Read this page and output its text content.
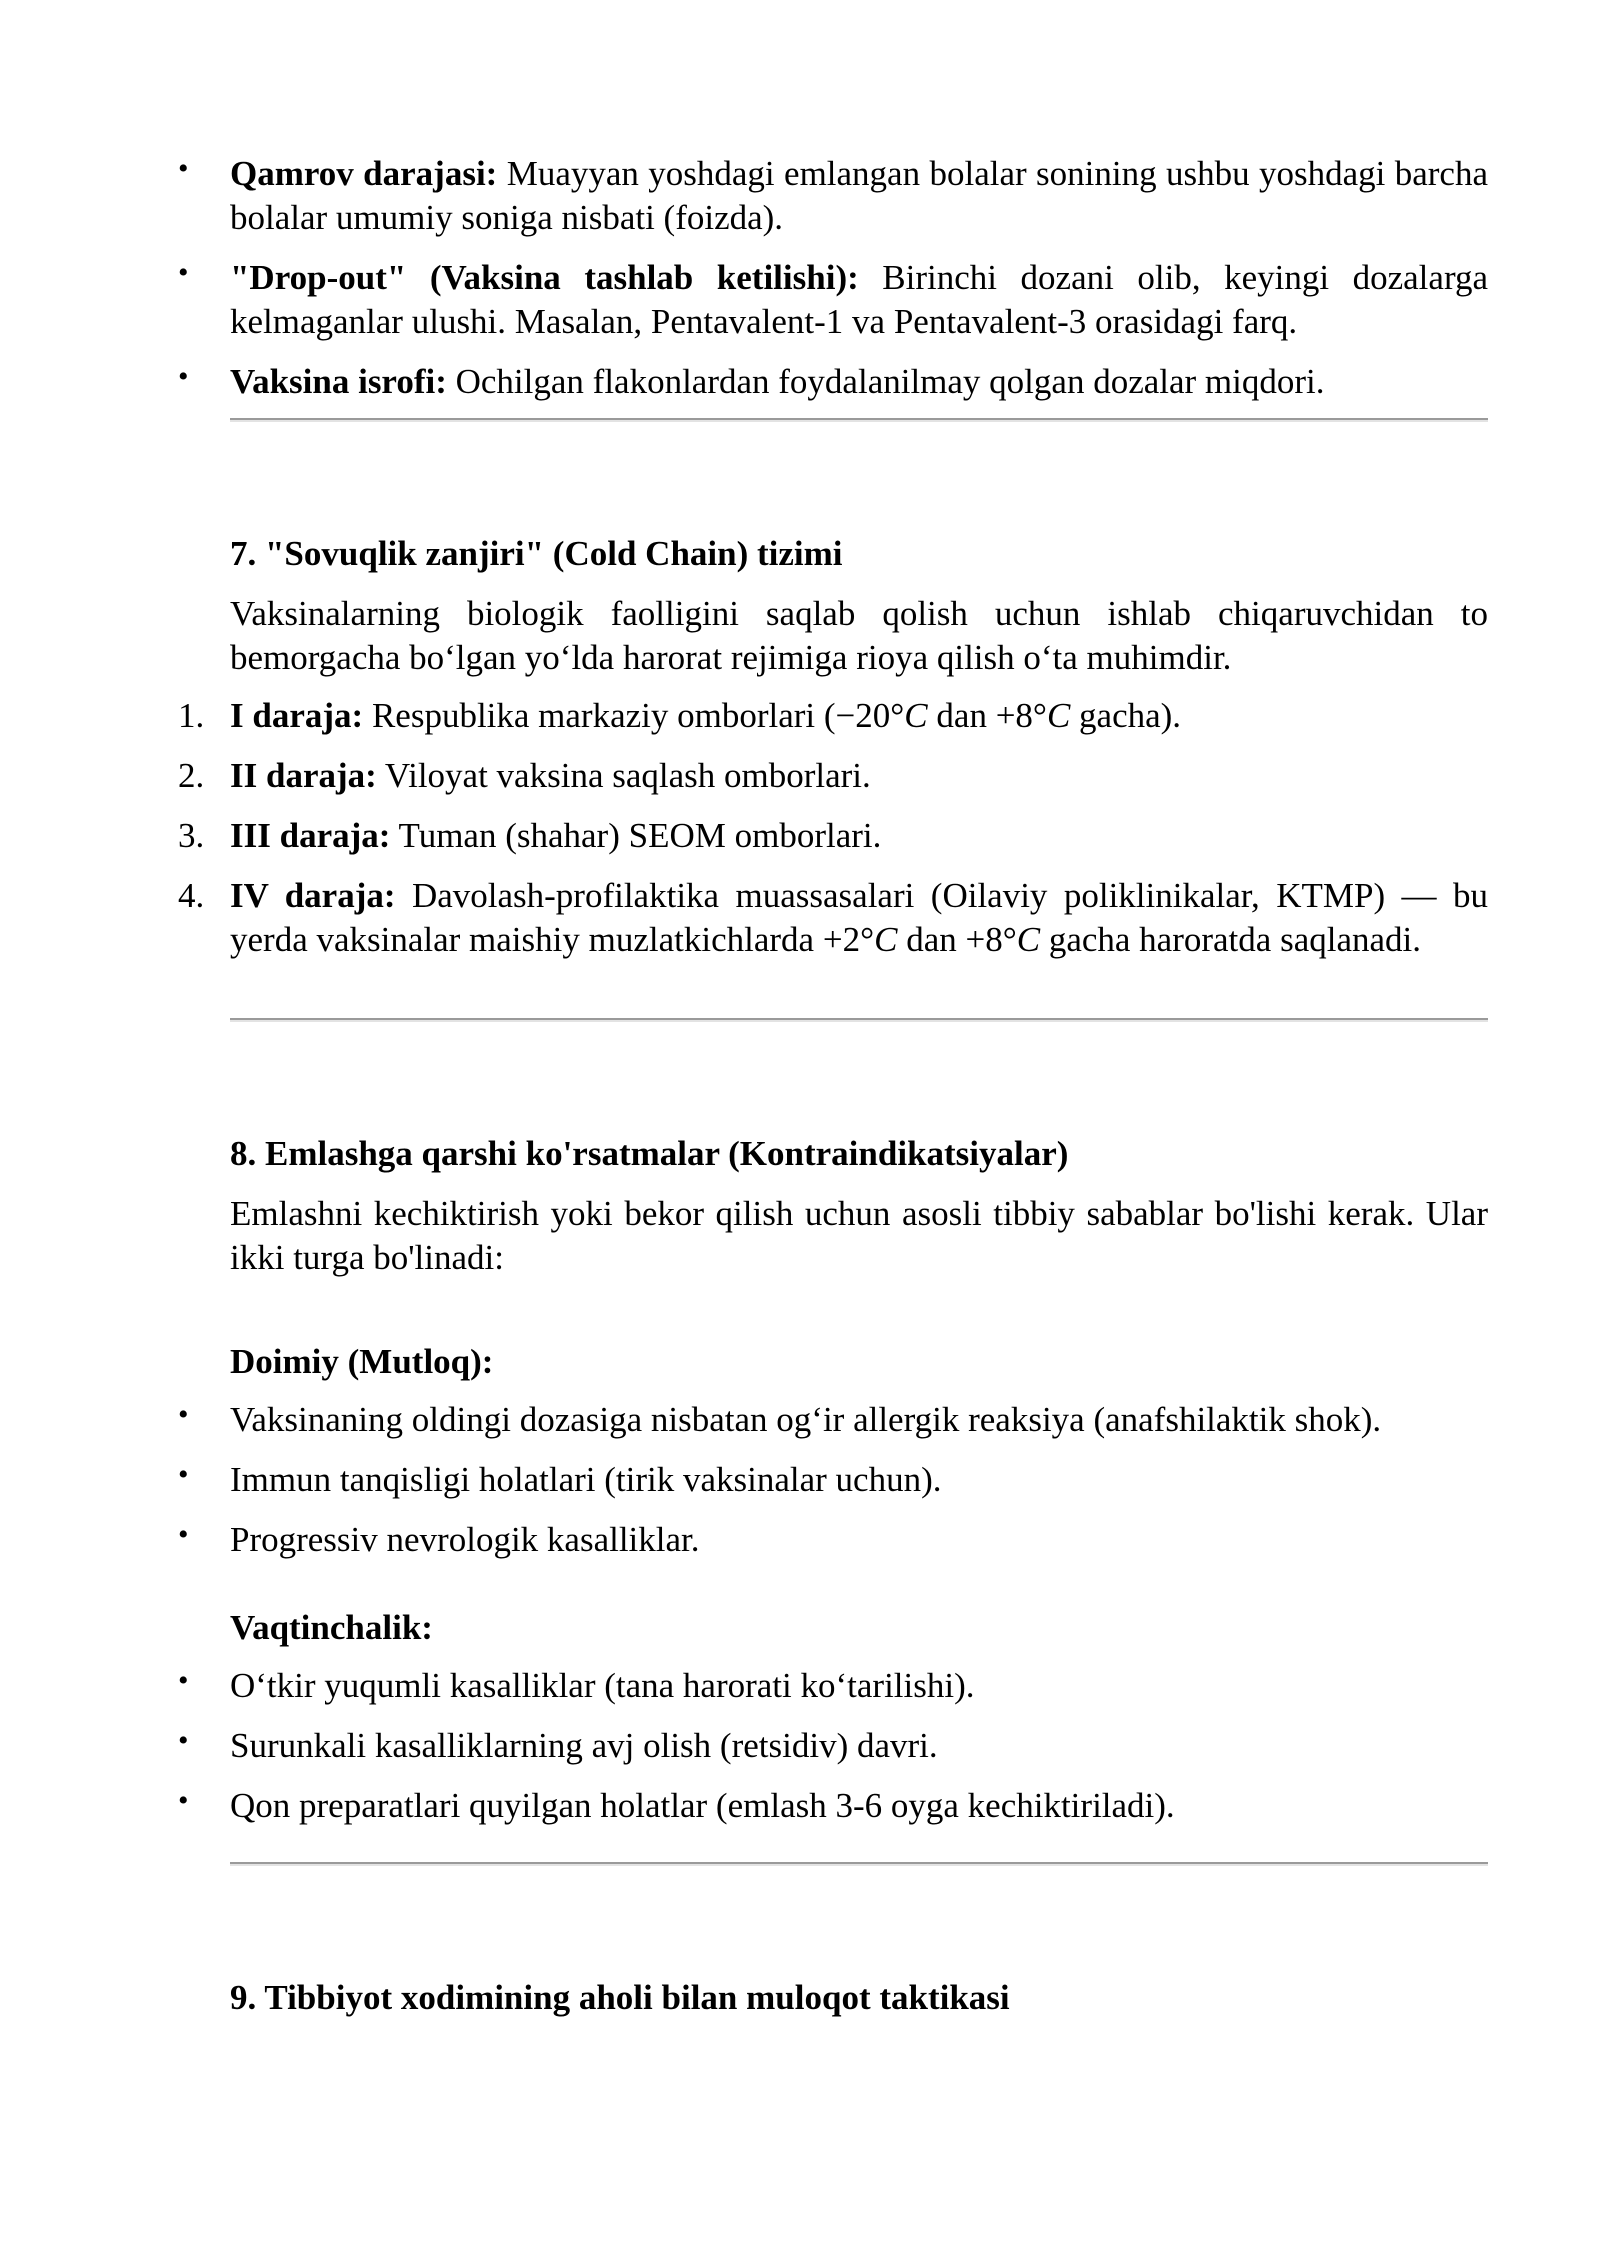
• Qamrov darajasi: Muayyan yoshdagi emlangan bolalar sonining ushbu yoshdagi barcha bolalar umumiy soniga nisbati (foizda).

• "Drop-out" (Vaksina tashlab ketilishi): Birinchi dozani olib, keyingi dozalarga kelmaganlar ulushi. Masalan, Pentavalent-1 va Pentavalent-3 orasidagi farq.

• Vaksina isrofi: Ochilgan flakonlardan foydalanilmay qolgan dozalar miqdori.

7. "Sovuqlik zanjiri" (Cold Chain) tizimi

Vaksinalarning biologik faolligini saqlab qolish uchun ishlab chiqaruvchidan to bemorgacha bo‘lgan yo‘lda harorat rejimiga rioya qilish o‘ta muhimdir.

1. I daraja: Respublika markaziy omborlari (−20°C dan +8°C gacha).

2. II daraja: Viloyat vaksina saqlash omborlari.

3. III daraja: Tuman (shahar) SEOM omborlari.

4. IV daraja: Davolash-profilaktika muassasalari (Oilaviy poliklinikalar, KTMP) — bu yerda vaksinalar maishiy muzlatkichlarda +2°C dan +8°C gacha haroratda saqlanadi.

8. Emlashga qarshi ko'rsatmalar (Kontraindikatsiyalar)

Emlashni kechiktirish yoki bekor qilish uchun asosli tibbiy sabablar bo'lishi kerak. Ular ikki turga bo'linadi:

Doimiy (Mutloq):

• Vaksinaning oldingi dozasiga nisbatan og‘ir allergik reaksiya (anafshilaktik shok).

• Immun tanqisligi holatlari (tirik vaksinalar uchun).

• Progressiv nevrologik kasalliklar.

Vaqtinchalik:

• O‘tkir yuqumli kasalliklar (tana harorati ko‘tarilishi).

• Surunkali kasalliklarning avj olish (retsidiv) davri.

• Qon preparatlari quyilgan holatlar (emlash 3-6 oyga kechiktiriladi).

9. Tibbiyot xodimining aholi bilan muloqot taktikasi
